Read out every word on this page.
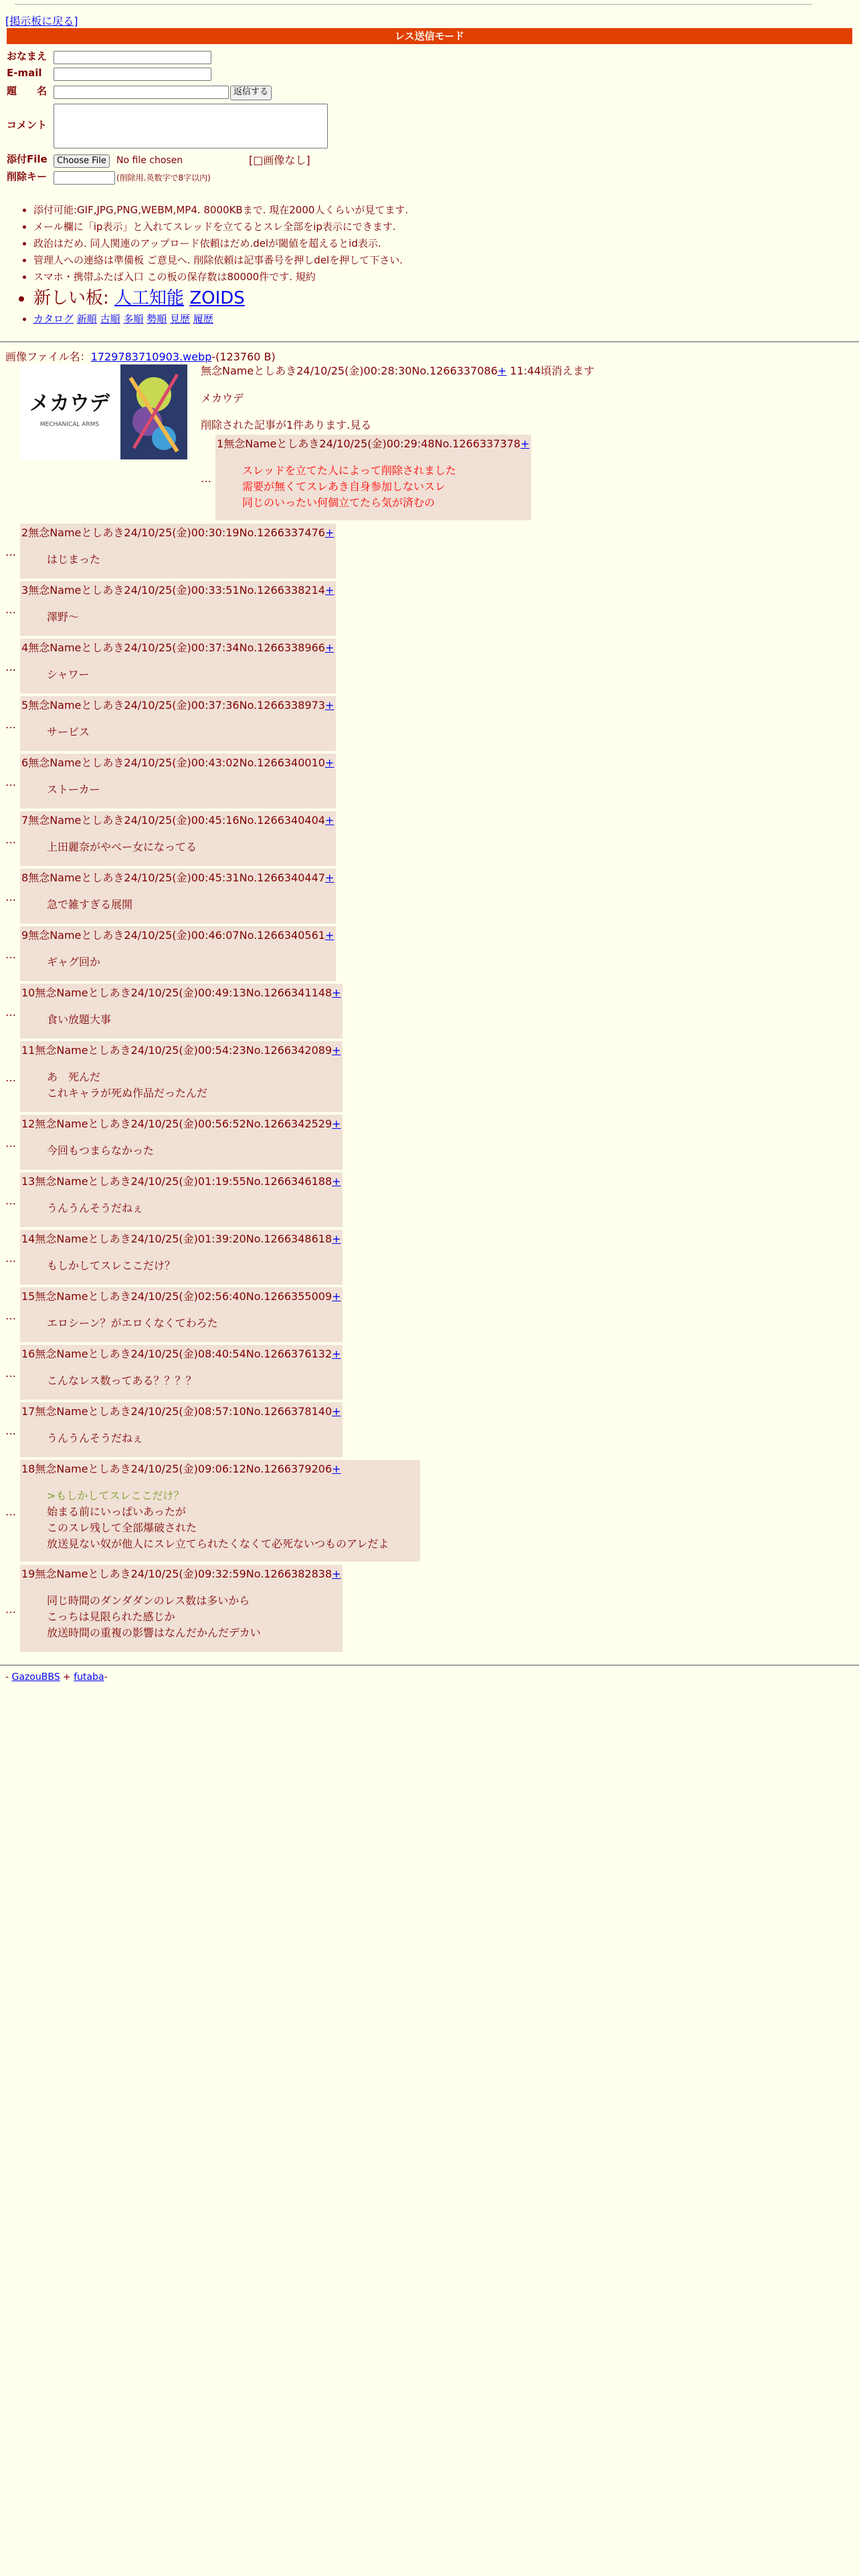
[掲示板に戻る]
レス送信モード
おなまえ
E-mail
題　　名	返信する
コメント
添付File	Choose File	No file chosen	[□画像なし]
削除キー	(削除用.英数字で8字以内)
• 添付可能:GIF,JPG,PNG,WEBM,MP4. 8000KBまで. 現在2000人くらいが見てます.
• メール欄に「ip表示」と入れてスレッドを立てるとスレ全部をip表示にできます.
• 政治はだめ. 同人関連のアップロード依頼はだめ.delが閾値を超えるとid表示.
• 管理人への連絡は準備板 ご意見へ. 削除依頼は記事番号を押しdelを押して下さい.
• スマホ・携帯ふたば入口 この板の保存数は80000件です. 規約
• 新しい板: 人工知能 ZOIDS
• カタログ 新順 古順 多順 勢順 見歴 履歴
画像ファイル名：1729783710903.webp-(123760 B)
メカウデ
MECHANICAL ARMS
無念Nameとしあき24/10/25(金)00:28:30No.1266337086+ 11:44頃消えます
メカウデ
削除された記事が1件あります.見る
…
1無念Nameとしあき24/10/25(金)00:29:48No.1266337378+
スレッドを立てた人によって削除されました
需要が無くてスレあき自身参加しないスレ
同じのいったい何個立てたら気が済むの
…
2無念Nameとしあき24/10/25(金)00:30:19No.1266337476+
はじまった
…
3無念Nameとしあき24/10/25(金)00:33:51No.1266338214+
澤野〜
…
4無念Nameとしあき24/10/25(金)00:37:34No.1266338966+
シャワー
…
5無念Nameとしあき24/10/25(金)00:37:36No.1266338973+
サービス
…
6無念Nameとしあき24/10/25(金)00:43:02No.1266340010+
ストーカー
…
7無念Nameとしあき24/10/25(金)00:45:16No.1266340404+
上田麗奈がやベー女になってる
…
8無念Nameとしあき24/10/25(金)00:45:31No.1266340447+
急で雑すぎる展開
…
9無念Nameとしあき24/10/25(金)00:46:07No.1266340561+
ギャグ回か
…
10無念Nameとしあき24/10/25(金)00:49:13No.1266341148+
食い放題大事
…
11無念Nameとしあき24/10/25(金)00:54:23No.1266342089+
あ　死んだ
これキャラが死ぬ作品だったんだ
…
12無念Nameとしあき24/10/25(金)00:56:52No.1266342529+
今回もつまらなかった
…
13無念Nameとしあき24/10/25(金)01:19:55No.1266346188+
うんうんそうだねぇ
…
14無念Nameとしあき24/10/25(金)01:39:20No.1266348618+
もしかしてスレここだけ？
…
15無念Nameとしあき24/10/25(金)02:56:40No.1266355009+
エロシーン？がエロくなくてわろた
…
16無念Nameとしあき24/10/25(金)08:40:54No.1266376132+
こんなレス数ってある？？？？
…
17無念Nameとしあき24/10/25(金)08:57:10No.1266378140+
うんうんそうだねぇ
…
18無念Nameとしあき24/10/25(金)09:06:12No.1266379206+
>もしかしてスレここだけ？
始まる前にいっぱいあったが
このスレ残して全部爆破された
放送見ない奴が他人にスレ立てられたくなくて必死ないつものアレだよ
…
19無念Nameとしあき24/10/25(金)09:32:59No.1266382838+
同じ時間のダンダダンのレス数は多いから
こっちは見限られた感じか
放送時間の重複の影響はなんだかんだデカい
- GazouBBS + futaba-
